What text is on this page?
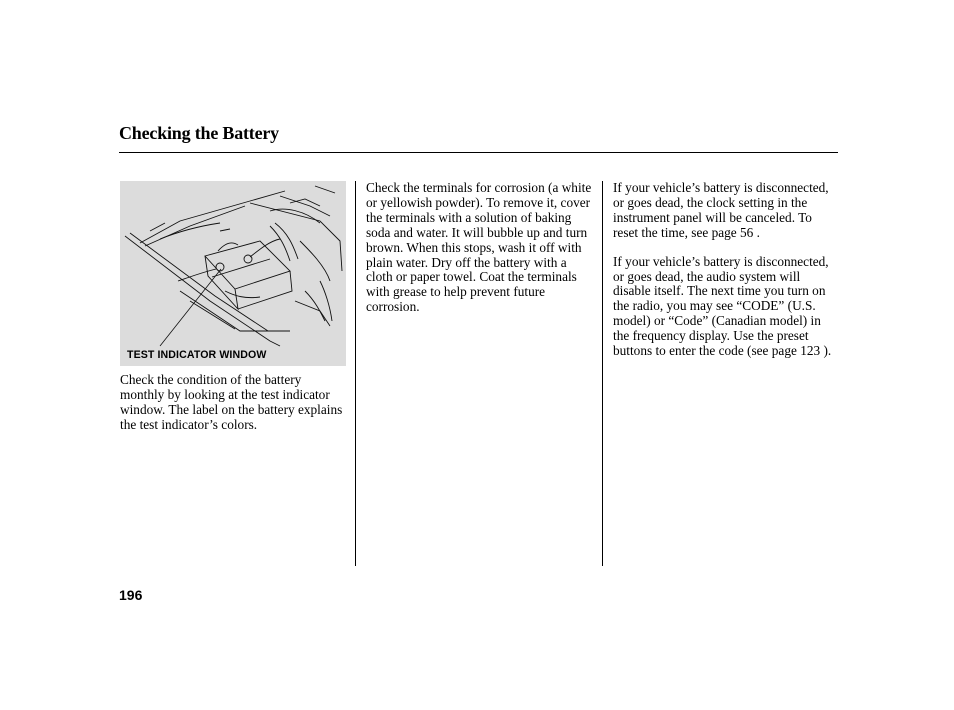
Checking the Battery
TEST INDICATOR WINDOW

Check the condition of the battery monthly by looking at the test indicator window. The label on the battery explains the test indicator’s colors.

Check the terminals for corrosion (a white or yellowish powder). To remove it, cover the terminals with a solution of baking soda and water. It will bubble up and turn brown. When this stops, wash it off with plain water. Dry off the battery with a cloth or paper towel. Coat the terminals with grease to help prevent future corrosion.

If your vehicle’s battery is disconnected, or goes dead, the clock setting in the instrument panel will be canceled. To reset the time, see page 56 .

If your vehicle’s battery is disconnected, or goes dead, the audio system will disable itself. The next time you turn on the radio, you may see “CODE” (U.S. model) or “Code” (Canadian model) in the frequency display. Use the preset buttons to enter the code (see page 123 ).

196
